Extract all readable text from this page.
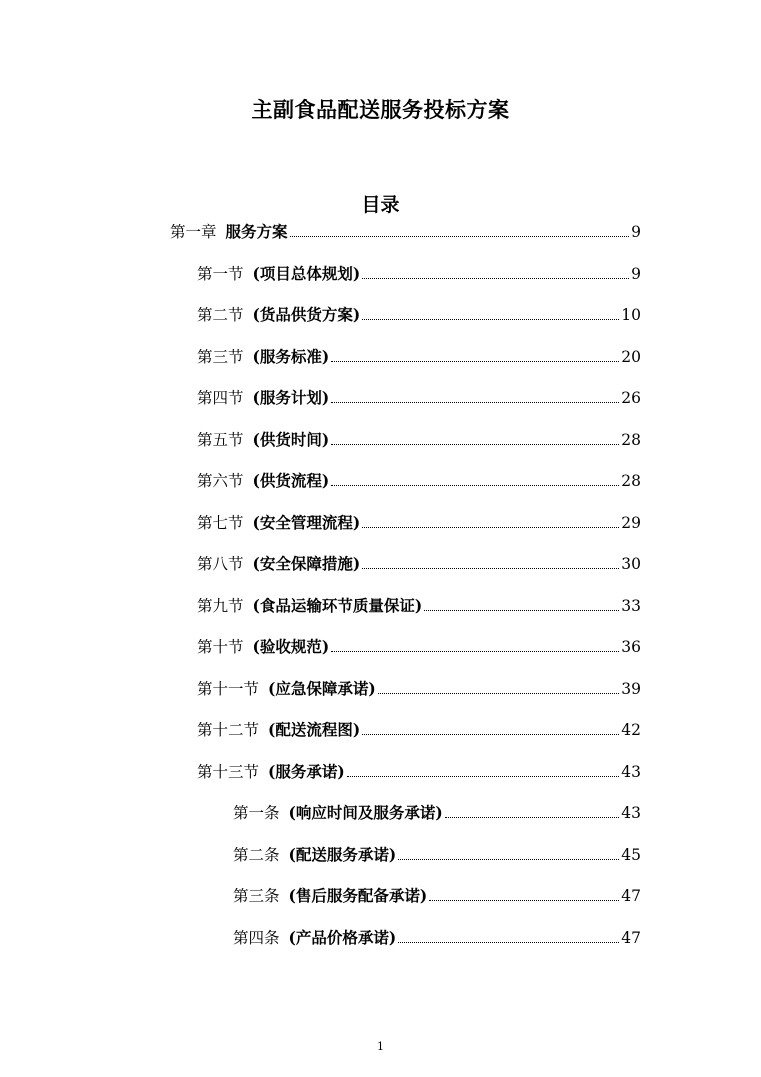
主副食品配送服务投标方案
目录
第一章 服务方案	9
第一节 (项目总体规划)	9
第二节 (货品供货方案)	10
第三节 (服务标准)	20
第四节 (服务计划)	26
第五节 (供货时间)	28
第六节 (供货流程)	28
第七节 (安全管理流程)	29
第八节 (安全保障措施)	30
第九节 (食品运输环节质量保证)	33
第十节 (验收规范)	36
第十一节 (应急保障承诺)	39
第十二节 (配送流程图)	42
第十三节 (服务承诺)	43
第一条 (响应时间及服务承诺)	43
第二条 (配送服务承诺)	45
第三条 (售后服务配备承诺)	47
第四条 (产品价格承诺)	47
1
